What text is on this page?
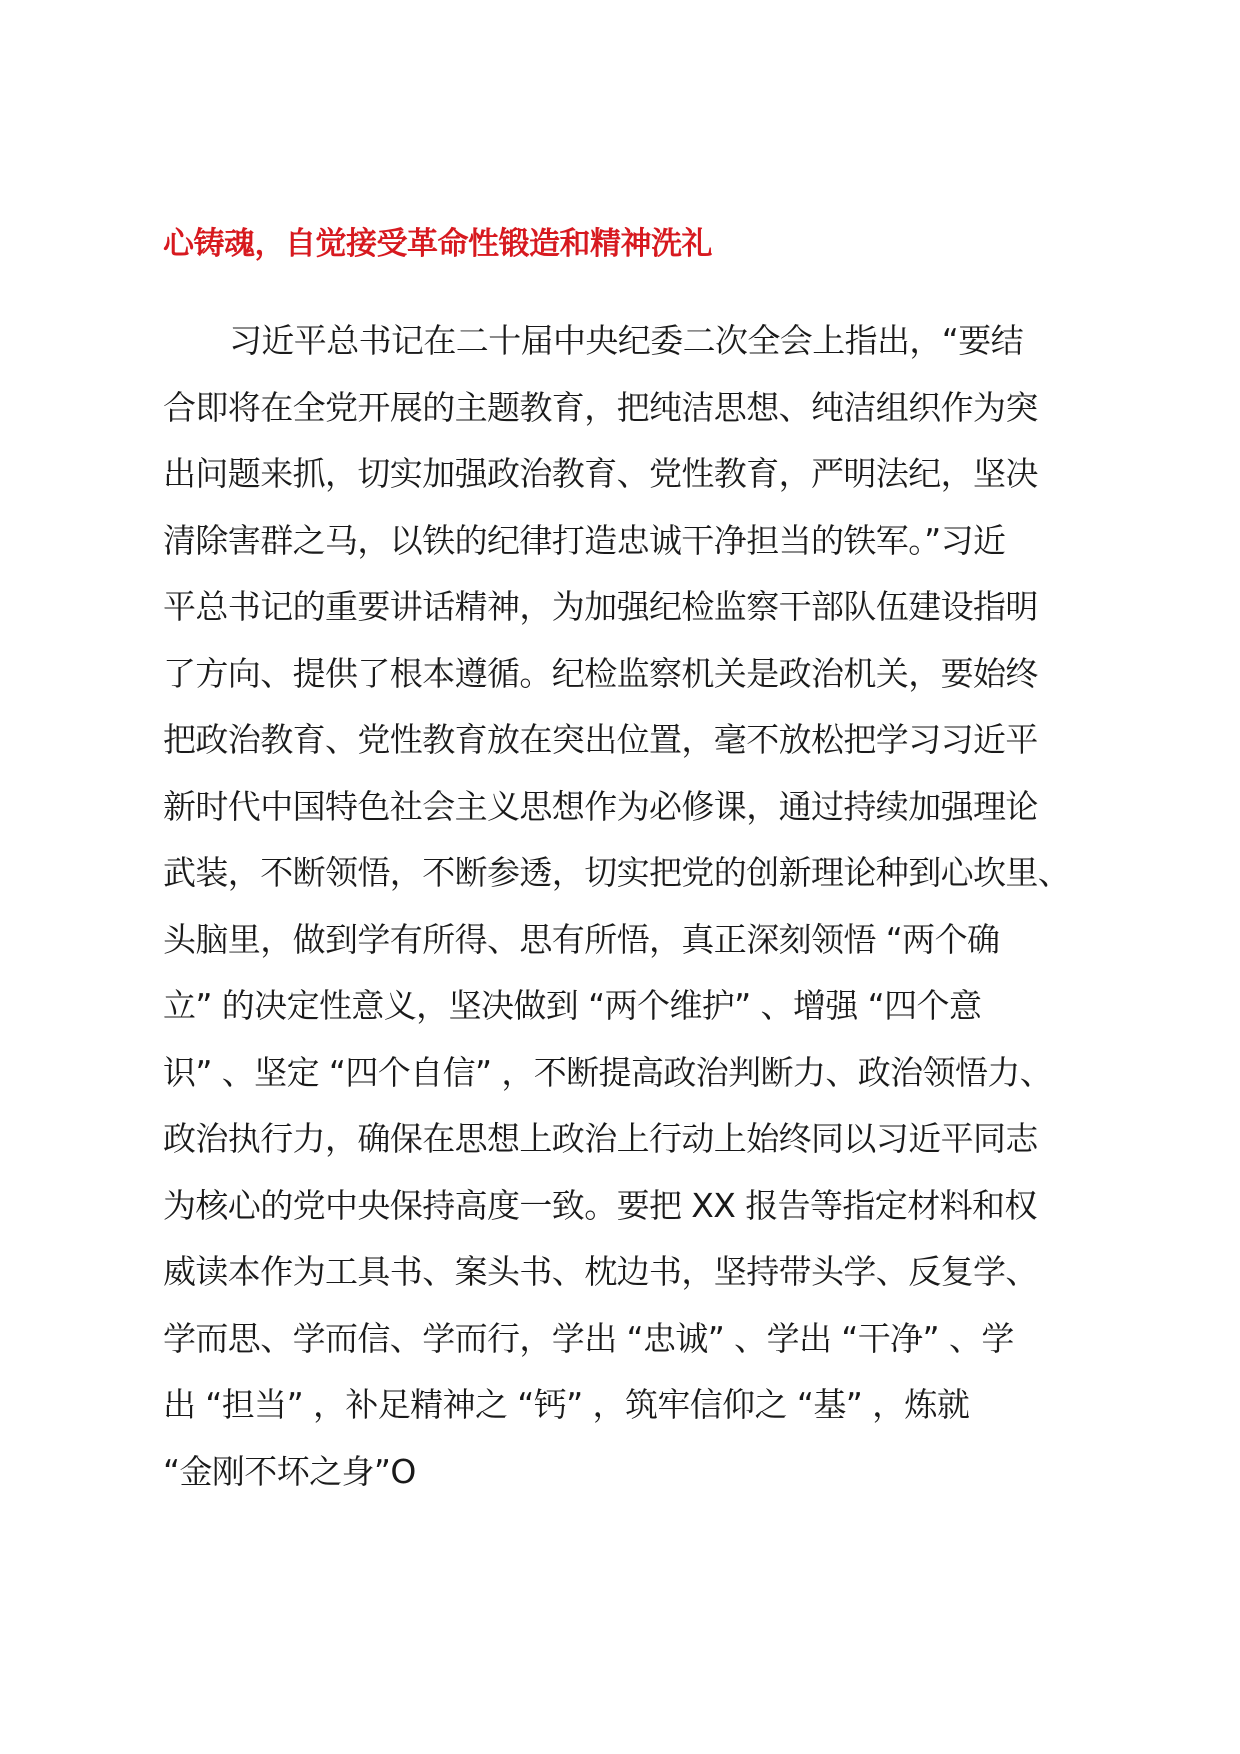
心铸魂，自觉接受革命性锻造和精神洗礼
习近平总书记在二十届中央纪委二次全会上指出，“要结
合即将在全党开展的主题教育，把纯洁思想、纯洁组织作为突
出问题来抓，切实加强政治教育、党性教育，严明法纪，坚决
清除害群之马，以铁的纪律打造忠诚干净担当的铁军。”习近
平总书记的重要讲话精神，为加强纪检监察干部队伍建设指明
了方向、提供了根本遵循。纪检监察机关是政治机关，要始终
把政治教育、党性教育放在突出位置，毫不放松把学习习近平
新时代中国特色社会主义思想作为必修课，通过持续加强理论
武装，不断领悟，不断参透，切实把党的创新理论种到心坎里、
头脑里，做到学有所得、思有所悟，真正深刻领悟 “两个确
立” 的决定性意义，坚决做到 “两个维护” 、增强 “四个意
识” 、坚定 “四个自信” ，不断提高政治判断力、政治领悟力、
政治执行力，确保在思想上政治上行动上始终同以习近平同志
为核心的党中央保持高度一致。要把 XX 报告等指定材料和权
威读本作为工具书、案头书、枕边书，坚持带头学、反复学、
学而思、学而信、学而行，学出 “忠诚” 、学出 “干净” 、学
出 “担当” ，补足精神之 “钙” ，筑牢信仰之 “基” ，炼就
“金刚不坏之身”O
